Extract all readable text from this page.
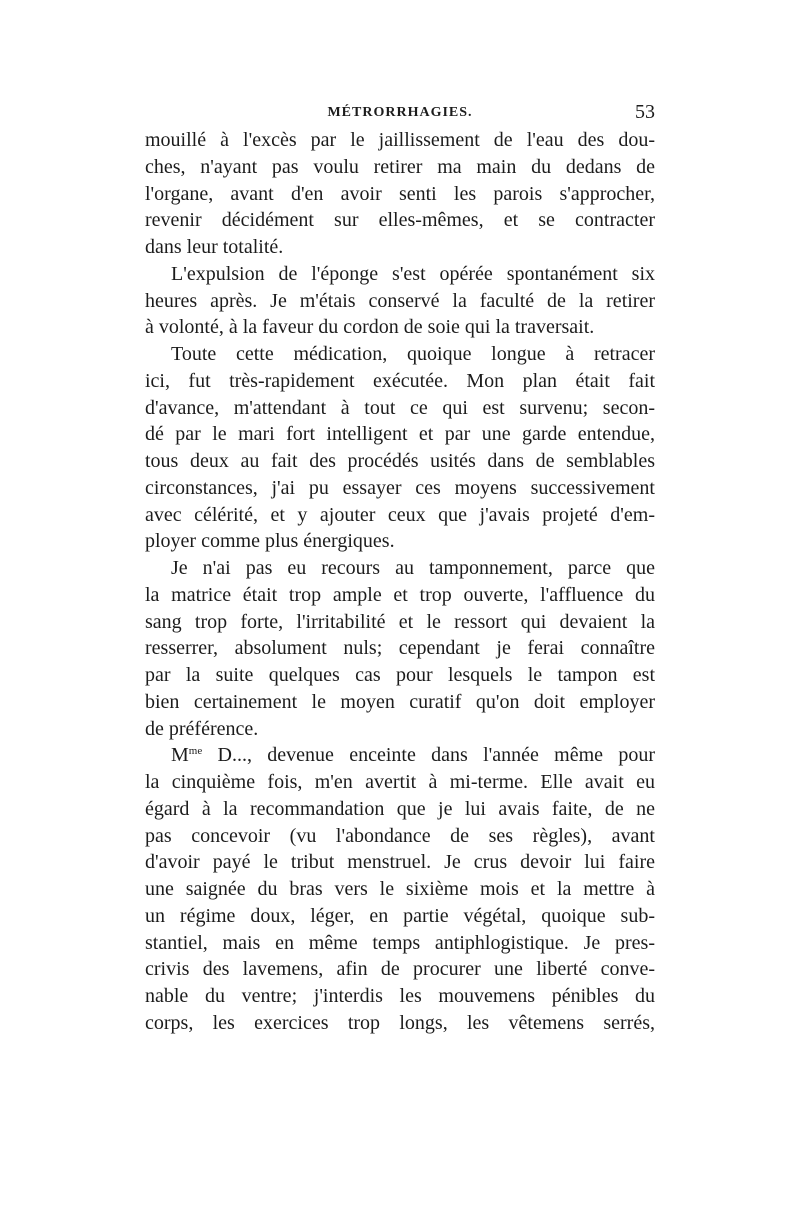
MÉTRORRHAGIES.	53
mouillé à l'excès par le jaillissement de l'eau des dou-
ches, n'ayant pas voulu retirer ma main du dedans de
l'organe, avant d'en avoir senti les parois s'approcher,
revenir décidément sur elles-mêmes, et se contracter
dans leur totalité.
L'expulsion de l'éponge s'est opérée spontanément six
heures après. Je m'étais conservé la faculté de la retirer
à volonté, à la faveur du cordon de soie qui la traversait.
Toute cette médication, quoique longue à retracer
ici, fut très-rapidement exécutée. Mon plan était fait
d'avance, m'attendant à tout ce qui est survenu; secon-
dé par le mari fort intelligent et par une garde entendue,
tous deux au fait des procédés usités dans de semblables
circonstances, j'ai pu essayer ces moyens successivement
avec célérité, et y ajouter ceux que j'avais projeté d'em-
ployer comme plus énergiques.
Je n'ai pas eu recours au tamponnement, parce que
la matrice était trop ample et trop ouverte, l'affluence du
sang trop forte, l'irritabilité et le ressort qui devaient la
resserrer, absolument nuls; cependant je ferai connaître
par la suite quelques cas pour lesquels le tampon est
bien certainement le moyen curatif qu'on doit employer
de préférence.
$M^{me}$ D..., devenue enceinte dans l'année même pour
la cinquième fois, m'en avertit à mi-terme. Elle avait eu
égard à la recommandation que je lui avais faite, de ne
pas concevoir (vu l'abondance de ses règles), avant
d'avoir payé le tribut menstruel. Je crus devoir lui faire
une saignée du bras vers le sixième mois et la mettre à
un régime doux, léger, en partie végétal, quoique sub-
stantiel, mais en même temps antiphlogistique. Je pres-
crivis des lavemens, afin de procurer une liberté conve-
nable du ventre; j'interdis les mouvemens pénibles du
corps, les exercices trop longs, les vêtemens serrés,
